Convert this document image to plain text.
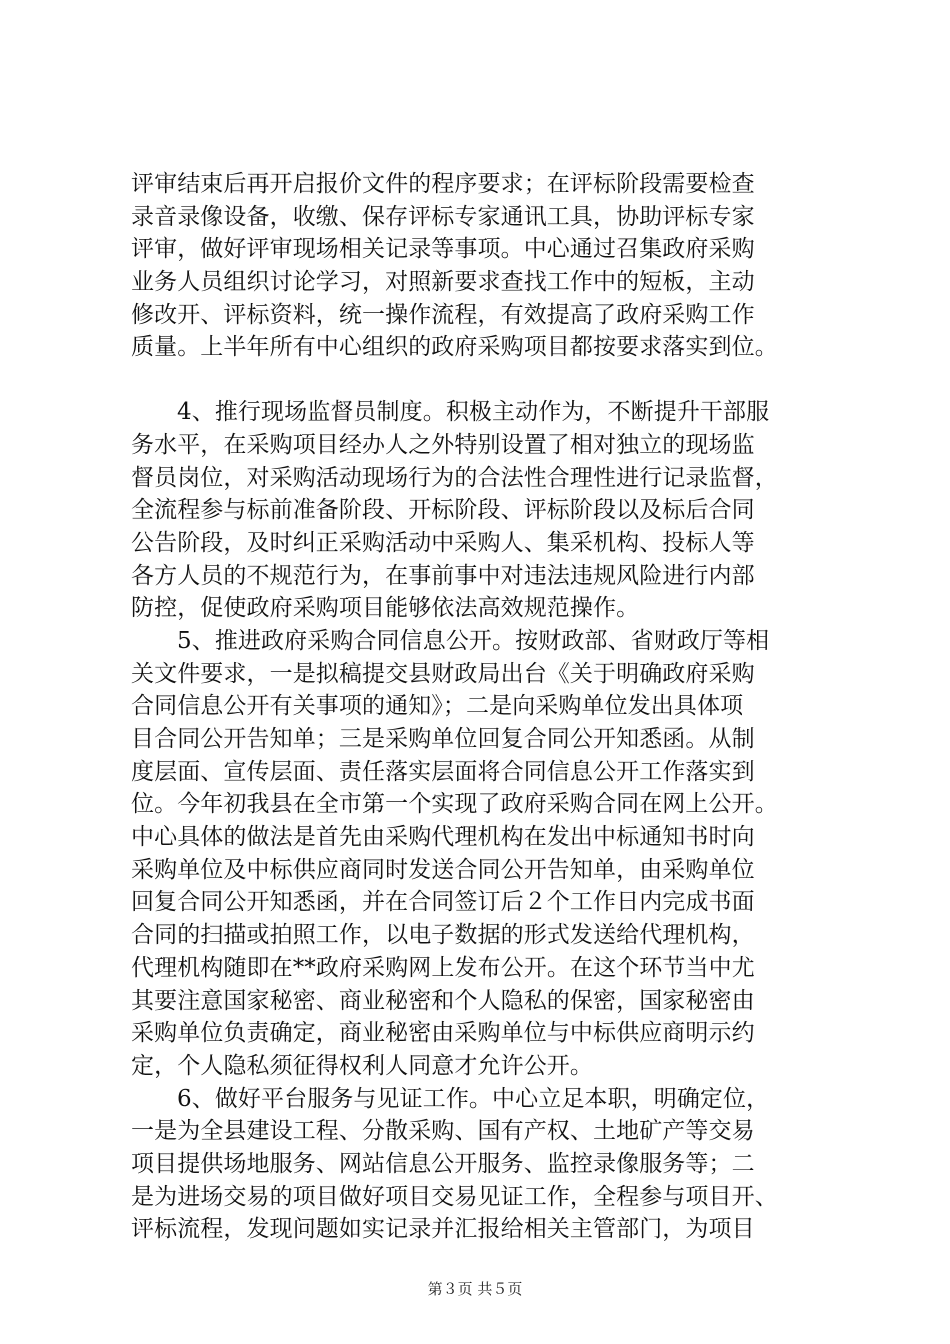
评审结束后再开启报价文件的程序要求；在评标阶段需要检查
录音录像设备，收缴、保存评标专家通讯工具，协助评标专家
评审，做好评审现场相关记录等事项。中心通过召集政府采购
业务人员组织讨论学习，对照新要求查找工作中的短板，主动
修改开、评标资料，统一操作流程，有效提高了政府采购工作
质量。上半年所有中心组织的政府采购项目都按要求落实到位。
4、推行现场监督员制度。积极主动作为，不断提升干部服
务水平，在采购项目经办人之外特别设置了相对独立的现场监
督员岗位，对采购活动现场行为的合法性合理性进行记录监督，
全流程参与标前准备阶段、开标阶段、评标阶段以及标后合同
公告阶段，及时纠正采购活动中采购人、集采机构、投标人等
各方人员的不规范行为，在事前事中对违法违规风险进行内部
防控，促使政府采购项目能够依法高效规范操作。
5、推进政府采购合同信息公开。按财政部、省财政厅等相
关文件要求，一是拟稿提交县财政局出台《关于明确政府采购
合同信息公开有关事项的通知》；二是向采购单位发出具体项
目合同公开告知单；三是采购单位回复合同公开知悉函。从制
度层面、宣传层面、责任落实层面将合同信息公开工作落实到
位。今年初我县在全市第一个实现了政府采购合同在网上公开。
中心具体的做法是首先由采购代理机构在发出中标通知书时向
采购单位及中标供应商同时发送合同公开告知单，由采购单位
回复合同公开知悉函，并在合同签订后２个工作日内完成书面
合同的扫描或拍照工作，以电子数据的形式发送给代理机构，
代理机构随即在**政府采购网上发布公开。在这个环节当中尤
其要注意国家秘密、商业秘密和个人隐私的保密，国家秘密由
采购单位负责确定，商业秘密由采购单位与中标供应商明示约
定，个人隐私须征得权利人同意才允许公开。
6、做好平台服务与见证工作。中心立足本职，明确定位，
一是为全县建设工程、分散采购、国有产权、土地矿产等交易
项目提供场地服务、网站信息公开服务、监控录像服务等；二
是为进场交易的项目做好项目交易见证工作，全程参与项目开、
评标流程，发现问题如实记录并汇报给相关主管部门，为项目
第３页 共５页
